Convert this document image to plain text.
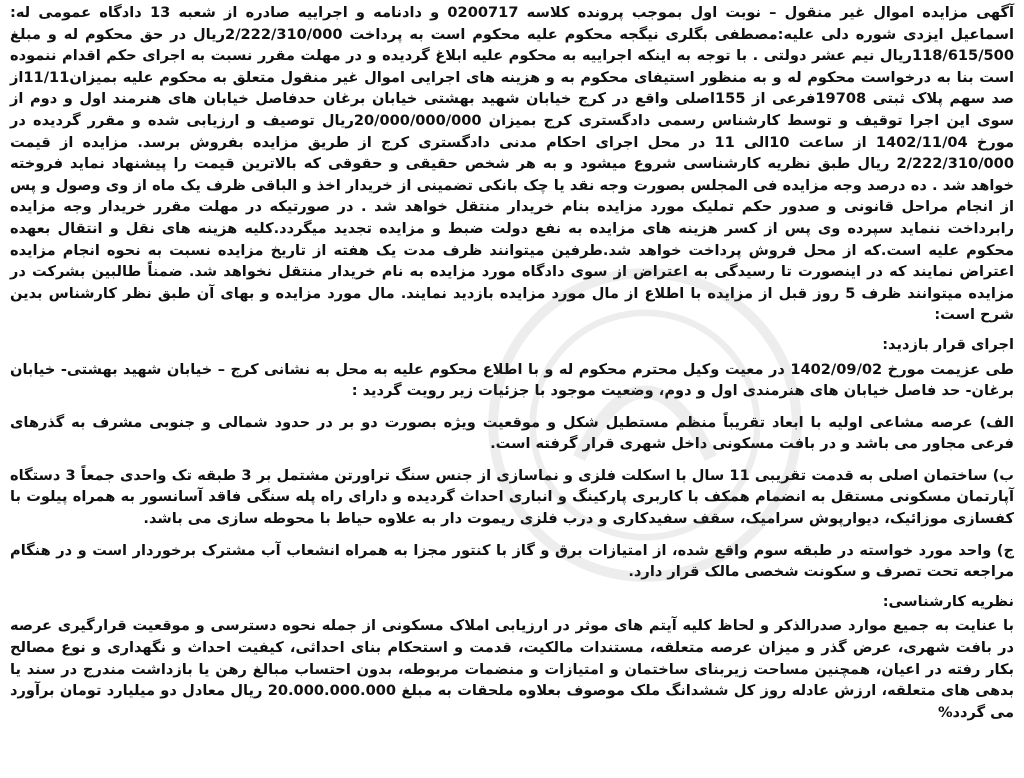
آگهی مزایده اموال غیر منقول – نوبت اول بموجب پرونده کلاسه 0200717 و دادنامه و اجراییه صادره از شعبه 13 دادگاه عمومی له: اسماعیل ایزدی شوره دلی علیه:مصطفی بگلری نیگجه محکوم علیه محکوم است به پرداخت 2/222/310/000ریال در حق محکوم له و مبلغ 118/615/500ریال نیم عشر دولتی . با توجه به اینکه اجراییه به محکوم علیه ابلاغ گردیده و در مهلت مقرر نسبت به اجرای حکم اقدام ننموده است بنا به درخواست محکوم له و به منظور استیفای محکوم به و هزینه های اجرایی اموال غیر منقول متعلق به محکوم علیه بمیزان11/11از صد سهم پلاک ثبتی 19708فرعی از 155اصلی واقع در کرج خیابان شهید بهشتی خیابان برغان حدفاصل خیابان های هنرمند اول و دوم از سوی این اجرا توقیف و توسط کارشناس رسمی دادگستری کرج بمیزان 20/000/000/000ریال توصیف و ارزیابی شده و مقرر گردیده در مورخ 1402/11/04 از ساعت 10الی 11 در محل اجرای احکام مدنی دادگستری کرج از طریق مزایده بفروش برسد. مزایده از قیمت 2/222/310/000 ریال طبق نظریه کارشناسی شروع میشود و به هر شخص حقیقی و حقوقی که بالاترین قیمت را پیشنهاد نماید فروخته خواهد شد . ده درصد وجه مزایده فی المجلس بصورت وجه نقد یا چک بانکی تضمینی از خریدار اخذ و الباقی ظرف یک ماه از وی وصول و پس از انجام مراحل قانونی و صدور حکم تملیک مورد مزایده بنام خریدار منتقل خواهد شد . در صورتیکه در مهلت مقرر خریدار وجه مزایده رابرداخت ننماید سپرده وی پس از کسر هزینه های مزایده به نفع دولت ضبط و مزایده تجدید میگردد.کلیه هزینه های نقل و انتقال بعهده محکوم علیه است.که از محل فروش پرداخت خواهد شد.طرفین میتوانند ظرف مدت یک هفته از تاریخ مزایده نسبت به نحوه انجام مزایده اعتراض نمایند که در اینصورت تا رسیدگی به اعتراض از سوی دادگاه مورد مزایده به نام خریدار منتقل نخواهد شد. ضمناً طالبین بشرکت در مزایده میتوانند ظرف 5 روز قبل از مزایده با اطلاع از مال مورد مزایده بازدید نمایند. مال مورد مزایده و بهای آن طبق نظر کارشناس بدین شرح است:

اجرای قرار بازدید:

طی عزیمت مورخ 1402/09/02 در معیت وکیل محترم محکوم له و با اطلاع محکوم علیه به محل به نشانی کرج – خیابان شهید بهشتی- خیابان برغان- حد فاصل خیابان های هنرمندی اول و دوم، وضعیت موجود با جزئیات زیر رویت گردید :

الف) عرصه مشاعی اولیه با ابعاد تقریباً منظم مستطیل شکل و موقعیت ویژه بصورت دو بر در حدود شمالی و جنوبی مشرف به گذرهای فرعی مجاور می باشد و در بافت مسکونی داخل شهری قرار گرفته است.

ب) ساختمان اصلی به قدمت تقریبی 11 سال با اسکلت فلزی و نماسازی از جنس سنگ تراورتن مشتمل بر 3 طبقه تک واحدی جمعاً 3 دستگاه آپارتمان مسکونی مستقل به انضمام همکف با کاربری پارکینگ و انباری احداث گردیده و دارای راه پله سنگی فاقد آسانسور به همراه پیلوت با کفسازی موزائیک، دیوارپوش سرامیک، سقف سفیدکاری و درب فلزی ریموت دار به علاوه حیاط با محوطه سازی می باشد.

ج) واحد مورد خواسته در طبقه سوم واقع شده، از امتیازات برق و گاز با کنتور مجزا به همراه انشعاب آب مشترک برخوردار است و در هنگام مراجعه تحت تصرف و سکونت شخصی مالک قرار دارد.

نظریه کارشناسی:

با عنایت به جمیع موارد صدرالذکر و لحاظ کلیه آیتم های موثر در ارزیابی املاک مسکونی از جمله نحوه دسترسی و موقعیت قرارگیری عرصه در بافت شهری، عرض گذر و میزان عرصه متعلقه، مستندات مالکیت، قدمت و استحکام بنای احداثی، کیفیت احداث و نگهداری و نوع مصالح بکار رفته در اعیان، همچنین مساحت زیربنای ساختمان و امتیازات و منضمات مربوطه، بدون احتساب مبالغ رهن یا بازداشت مندرج در سند یا بدهی های متعلقه، ارزش عادله روز کل ششدانگ ملک موصوف بعلاوه ملحقات به مبلغ 20.000.000.000 ریال معادل دو میلیارد تومان برآورد می گردد%
